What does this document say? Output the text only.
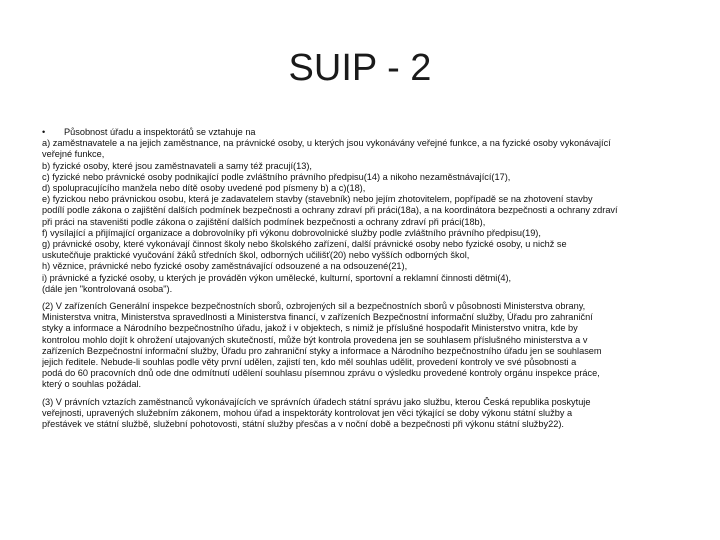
SUIP - 2
• Působnost úřadu a inspektorátů se vztahuje na
a) zaměstnavatele a na jejich zaměstnance, na právnické osoby, u kterých jsou vykonávány veřejné funkce, a na fyzické osoby vykonávající
veřejné funkce,
b) fyzické osoby, které jsou zaměstnavateli a samy též pracují(13),
c) fyzické nebo právnické osoby podnikající podle zvláštního právního předpisu(14) a nikoho nezaměstnávající(17),
d) spolupracujícího manžela nebo dítě osoby uvedené pod písmeny b) a c)(18),
e) fyzickou nebo právnickou osobu, která je zadavatelem stavby (stavebník) nebo jejím zhotovitelem, popřípadě se na zhotovení stavby
podílí podle zákona o zajištění dalších podmínek bezpečnosti a ochrany zdraví při práci(18a), a na koordinátora bezpečnosti a ochrany zdraví
při práci na staveništi podle zákona o zajištění dalších podmínek bezpečnosti a ochrany zdraví při práci(18b),
f) vysílající a přijímající organizace a dobrovolníky při výkonu dobrovolnické služby podle zvláštního právního předpisu(19),
g) právnické osoby, které vykonávají činnost školy nebo školského zařízení, další právnické osoby nebo fyzické osoby, u nichž se
uskutečňuje praktické vyučování žáků středních škol, odborných učilišť(20) nebo vyšších odborných škol,
h) věznice, právnické nebo fyzické osoby zaměstnávající odsouzené a na odsouzené(21),
i) právnické a fyzické osoby, u kterých je prováděn výkon umělecké, kulturní, sportovní a reklamní činnosti dětmi(4),
(dále jen "kontrolovaná osoba").
(2) V zařízeních Generální inspekce bezpečnostních sborů, ozbrojených sil a bezpečnostních sborů v působnosti Ministerstva obrany,
Ministerstva vnitra, Ministerstva spravedlnosti a Ministerstva financí, v zařízeních Bezpečnostní informační služby, Úřadu pro zahraniční
styky a informace a Národního bezpečnostního úřadu, jakož i v objektech, s nimiž je příslušné hospodařit Ministerstvo vnitra, kde by
kontrolou mohlo dojít k ohrožení utajovaných skutečností, může být kontrola provedena jen se souhlasem příslušného ministerstva a v
zařízeních Bezpečnostní informační služby, Úřadu pro zahraniční styky a informace a Národního bezpečnostního úřadu jen se souhlasem
jejich ředitele. Nebude-li souhlas podle věty první udělen, zajistí ten, kdo měl souhlas udělit, provedení kontroly ve své působnosti a
podá do 60 pracovních dnů ode dne odmítnutí udělení souhlasu písemnou zprávu o výsledku provedené kontroly orgánu inspekce práce,
který o souhlas požádal.
(3) V právních vztazích zaměstnanců vykonávajících ve správních úřadech státní správu jako službu, kterou Česká republika poskytuje
veřejnosti, upravených služebním zákonem, mohou úřad a inspektoráty kontrolovat jen věci týkající se doby výkonu státní služby a
přestávek ve státní službě, služební pohotovosti, státní služby přesčas a v noční době a bezpečnosti při výkonu státní služby22).
